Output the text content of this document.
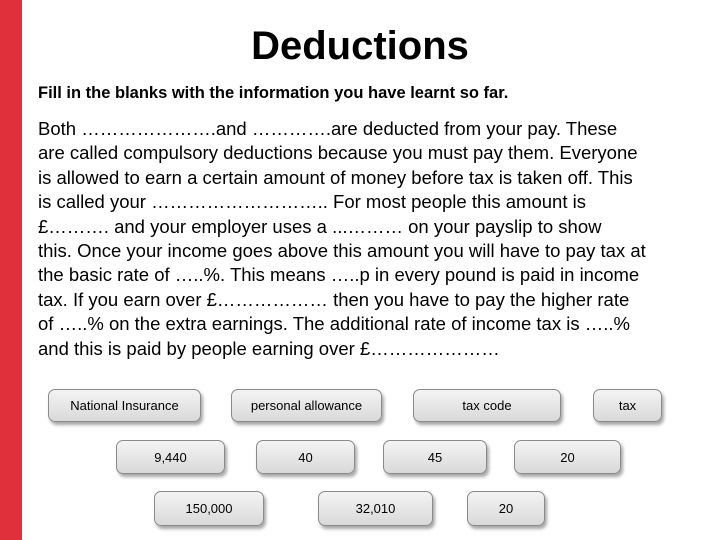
Deductions
Fill in the blanks with the information you have learnt so far.
Both ………………….and ………….are deducted from your pay. These
are called compulsory deductions because you must pay them. Everyone
is allowed to earn a certain amount of money before tax is taken off. This
is called your ……………………….. For most people this amount is
£………. and your employer uses a ...……… on your payslip to show
this. Once your income goes above this amount you will have to pay tax at
the basic rate of …..%. This means …..p in every pound is paid in income
tax. If you earn over £……………… then you have to pay the higher rate
of …..% on the extra earnings. The additional rate of income tax is …..%
and this is paid by people earning over £…………………
National Insurance	personal allowance	tax code	tax
9,440	40	45	20
150,000	32,010	20
